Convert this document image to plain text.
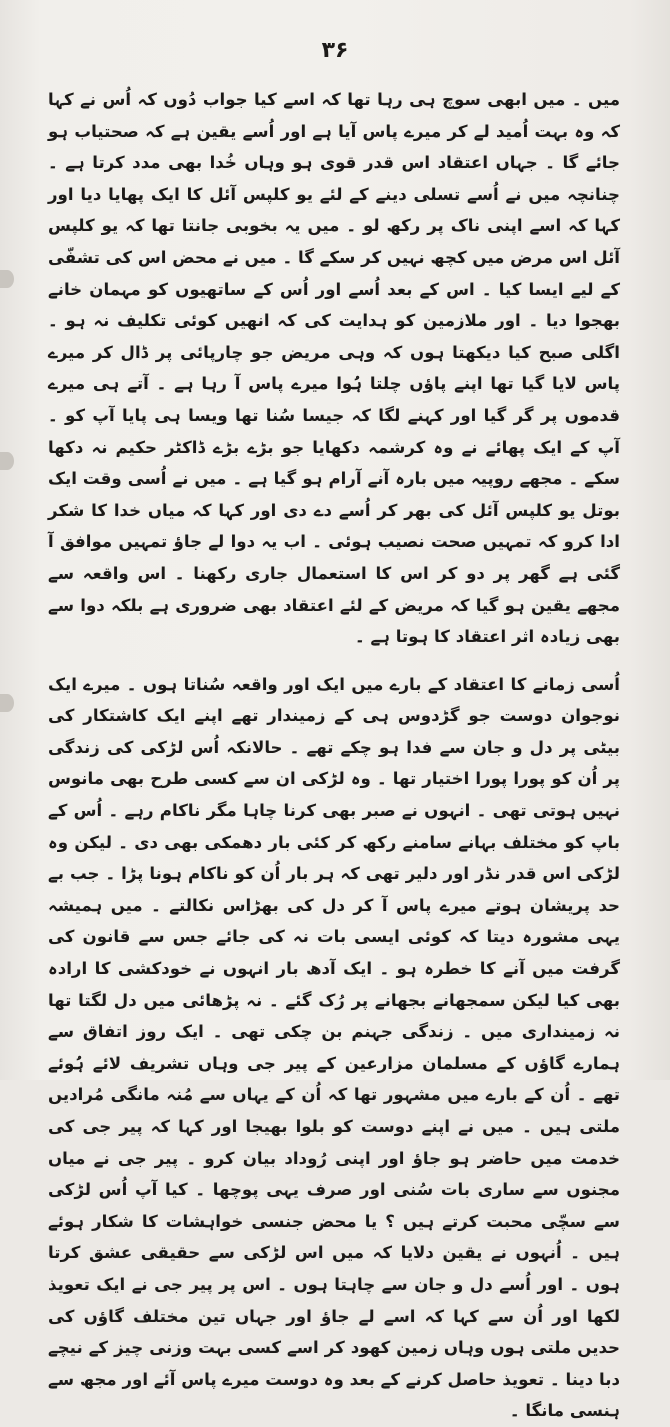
۳۶

میں ۔ میں ابھی سوچ ہی رہا تھا کہ اسے کیا جواب دُوں کہ اُس نے کہا کہ وہ بہت اُمید لے کر میرے پاس آیا ہے اور اُسے یقین ہے کہ صحتیاب ہو جائے گا ۔ جہاں اعتقاد اس قدر قوی ہو وہاں خُدا بھی مدد کرتا ہے ۔ چنانچہ میں نے اُسے تسلی دینے کے لئے یو کلپس آئل کا ایک پھایا دیا اور کہا کہ اسے اپنی ناک پر رکھ لو ۔ میں یہ بخوبی جانتا تھا کہ یو کلپس آئل اس مرض میں کچھ نہیں کر سکے گا ۔ میں نے محض اس کی تشفّی کے لیے ایسا کیا ۔ اس کے بعد اُسے اور اُس کے ساتھیوں کو مہمان خانے بھجوا دیا ۔ اور ملازمین کو ہدایت کی کہ انھیں کوئی تکلیف نہ ہو ۔ اگلی صبح کیا دیکھتا ہوں کہ وہی مریض جو چارپائی پر ڈال کر میرے پاس لایا گیا تھا اپنے پاؤں چلتا ہُوا میرے پاس آ رہا ہے ۔ آتے ہی میرے قدموں پر گر گیا اور کہنے لگا کہ جیسا سُنا تھا ویسا ہی پایا آپ کو ۔ آپ کے ایک پھائے نے وہ کرشمہ دکھایا جو بڑے بڑے ڈاکٹر حکیم نہ دکھا سکے ۔ مجھے روپیہ میں بارہ آنے آرام ہو گیا ہے ۔ میں نے اُسی وقت ایک بوتل یو کلپس آئل کی بھر کر اُسے دے دی اور کہا کہ میاں خدا کا شکر ادا کرو کہ تمہیں صحت نصیب ہوئی ۔ اب یہ دوا لے جاؤ تمہیں موافق آ گئی ہے گھر پر دو کر اس کا استعمال جاری رکھنا ۔ اس واقعہ سے مجھے یقین ہو گیا کہ مریض کے لئے اعتقاد بھی ضروری ہے بلکہ دوا سے بھی زیادہ اثر اعتقاد کا ہوتا ہے ۔

اُسی زمانے کا اعتقاد کے بارے میں ایک اور واقعہ سُناتا ہوں ۔ میرے ایک نوجوان دوست جو گڑدوس ہی کے زمیندار تھے اپنے ایک کاشتکار کی بیٹی پر دل و جان سے فدا ہو چکے تھے ۔ حالانکہ اُس لڑکی کی زندگی پر اُن کو پورا پورا اختیار تھا ۔ وہ لڑکی ان سے کسی طرح بھی مانوس نہیں ہوتی تھی ۔ انہوں نے صبر بھی کرنا چاہا مگر ناکام رہے ۔ اُس کے باپ کو مختلف بہانے سامنے رکھ کر کئی بار دھمکی بھی دی ۔ لیکن وہ لڑکی اس قدر نڈر اور دلیر تھی کہ ہر بار اُن کو ناکام ہونا پڑا ۔ جب بے حد پریشان ہوتے میرے پاس آ کر دل کی بھڑاس نکالتے ۔ میں ہمیشہ یہی مشورہ دیتا کہ کوئی ایسی بات نہ کی جائے جس سے قانون کی گرفت میں آنے کا خطرہ ہو ۔ ایک آدھ بار انہوں نے خودکشی کا ارادہ بھی کیا لیکن سمجھانے بجھانے پر رُک گئے ۔ نہ پڑھائی میں دل لگتا تھا نہ زمینداری میں ۔ زندگی جہنم بن چکی تھی ۔ ایک روز اتفاق سے ہمارے گاؤں کے مسلمان مزارعین کے پیر جی وہاں تشریف لائے ہُوئے تھے ۔ اُن کے بارے میں مشہور تھا کہ اُن کے یہاں سے مُنہ مانگی مُرادیں ملتی ہیں ۔ میں نے اپنے دوست کو بلوا بھیجا اور کہا کہ پیر جی کی خدمت میں حاضر ہو جاؤ اور اپنی رُوداد بیان کرو ۔ پیر جی نے میاں مجنوں سے ساری بات سُنی اور صرف یہی پوچھا ۔ کیا آپ اُس لڑکی سے سچّی محبت کرتے ہیں ؟ یا محض جنسی خواہشات کا شکار ہوئے ہیں ۔ اُنہوں نے یقین دلایا کہ میں اس لڑکی سے حقیقی عشق کرتا ہوں ۔ اور اُسے دل و جان سے چاہتا ہوں ۔ اس پر پیر جی نے ایک تعویذ لکھا اور اُن سے کہا کہ اسے لے جاؤ اور جہاں تین مختلف گاؤں کی حدیں ملتی ہوں وہاں زمین کھود کر اسے کسی بہت وزنی چیز کے نیچے دبا دینا ۔ تعویذ حاصل کرنے کے بعد وہ دوست میرے پاس آئے اور مجھ سے ہنسی مانگا ۔
